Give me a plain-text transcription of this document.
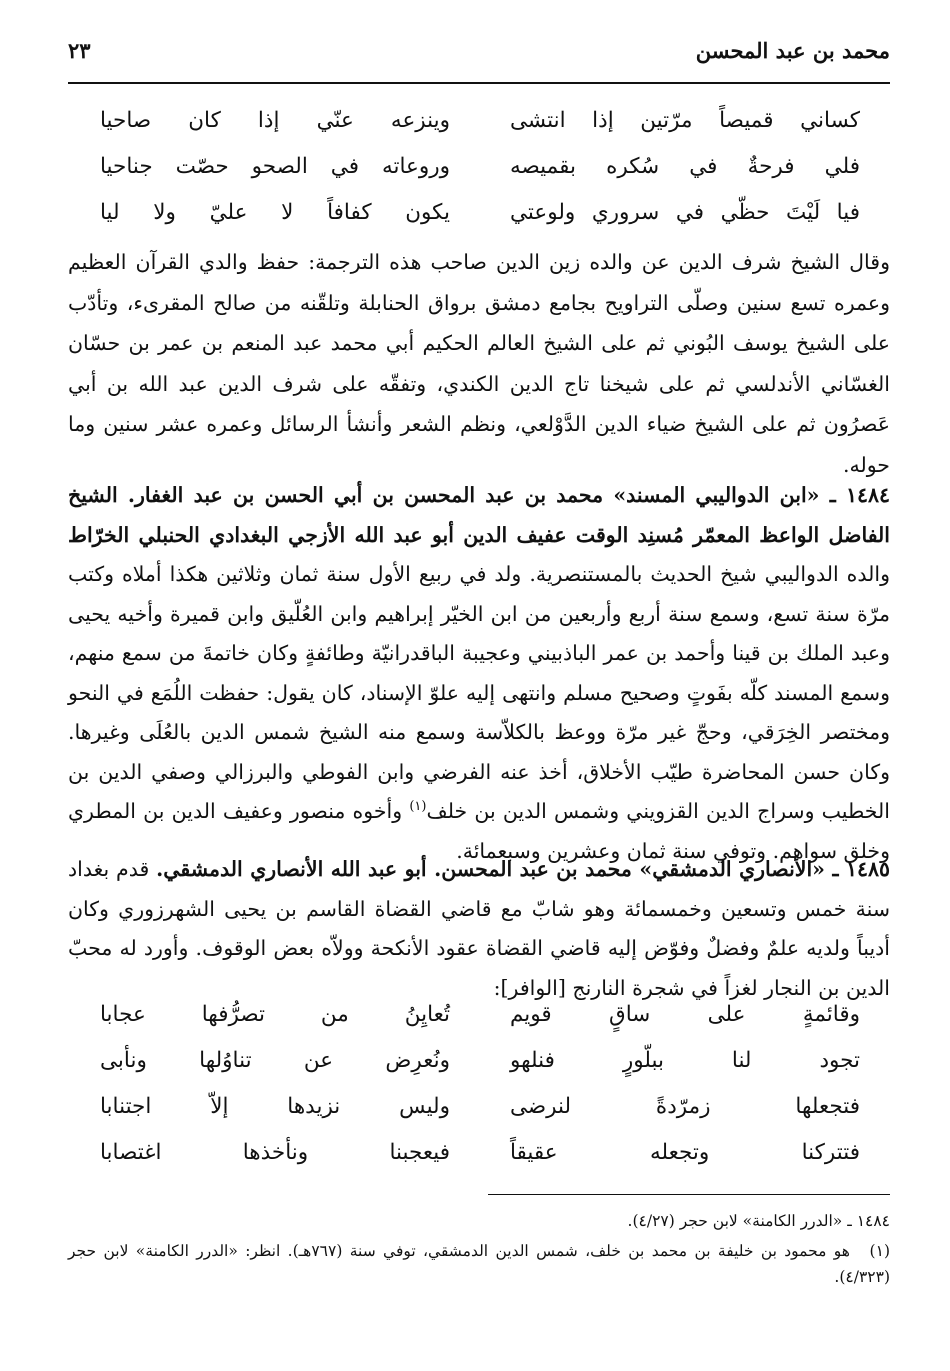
محمد بن عبد المحسن
٢٣
كساني قميصاً مرّتين إذا انتشى
وينزعه عنّي إذا كان صاحيا
فلي فرحةٌ في سُكره بقميصه
وروعاته في الصحو حصّت جناحيا
فيا لَيْتَ حظّي في سروري ولوعتي
يكون كفافاً لا عليّ ولا ليا

وقال الشيخ شرف الدين عن والده زين الدين صاحب هذه الترجمة: حفظ والدي القرآن العظيم وعمره تسع سنين وصلّى التراويح بجامع دمشق برواق الحنابلة وتلقّنه من صالح المقرىء، وتأدّب على الشيخ يوسف البُوني ثم على الشيخ العالم الحكيم أبي محمد عبد المنعم بن عمر بن حسّان الغسّاني الأندلسي ثم على شيخنا تاج الدين الكندي، وتفقّه على شرف الدين عبد الله بن أبي عَصرُون ثم على الشيخ ضياء الدين الدَّوْلعي، ونظم الشعر وأنشأ الرسائل وعمره عشر سنين وما حوله.

١٤٨٤ ـ «ابن الدواليبي المسند» محمد بن عبد المحسن بن أبي الحسن بن عبد الغفار. الشيخ الفاضل الواعظ المعمّر مُسنِد الوقت عفيف الدين أبو عبد الله الأزجي البغدادي الحنبلي الخرّاط والده الدواليبي شيخ الحديث بالمستنصرية. ولد في ربيع الأول سنة ثمان وثلاثين هكذا أملاه وكتب مرّة سنة تسع، وسمع سنة أربع وأربعين من ابن الخيّر إبراهيم وابن العُلّيق وابن قميرة وأخيه يحيى وعبد الملك بن قينا وأحمد بن عمر الباذبيني وعجيبة الباقدرانيّة وطائفةٍ وكان خاتمةَ من سمع منهم، وسمع المسند كلّه بفَوتٍ وصحيح مسلم وانتهى إليه علوّ الإسناد، كان يقول: حفظت اللُمَع في النحو ومختصر الخِرَقي، وحجّ غير مرّة ووعظ بالكلاّسة وسمع منه الشيخ شمس الدين بالعُلَى وغيرها. وكان حسن المحاضرة طيّب الأخلاق، أخذ عنه الفرضي وابن الفوطي والبرزالي وصفي الدين بن الخطيب وسراج الدين القزويني وشمس الدين بن خلف$^{(١)}$ وأخوه منصور وعفيف الدين بن المطري وخلق سواهم. وتوفي سنة ثمان وعشرين وسبعمائة.

١٤٨٥ ـ «الأنصاري الدمشقي» محمد بن عبد المحسن. أبو عبد الله الأنصاري الدمشقي. قدم بغداد سنة خمس وتسعين وخمسمائة وهو شابّ مع قاضي القضاة القاسم بن يحيى الشهرزوري وكان أديباً ولديه علمٌ وفضلٌ وفوّض إليه قاضي القضاة عقود الأنكحة وولاّه بعض الوقوف. وأورد له محبّ الدين بن النجار لغزاً في شجرة النارنج [الوافر]:

وقائمةٍ على ساقٍ قويم
تُعايِنُ من تصرُّفها عجابا
تجود لنا ببلّورٍ فنلهو
ونُعرِض عن تناوُلها ونأبى
فتجعلها زمرّدةً لنرضى
وليس نزيدها إلاّ اجتنابا
فتتركنا وتجعله عقيقاً
فيعجبنا ونأخذها اغتصابا

١٤٨٤ ـ «الدرر الكامنة» لابن حجر (٤/٢٧).

(١)هو محمود بن خليفة بن محمد بن خلف، شمس الدين الدمشقي، توفي سنة (٧٦٧هـ). انظر: «الدرر الكامنة» لابن حجر (٤/٣٢٣).
